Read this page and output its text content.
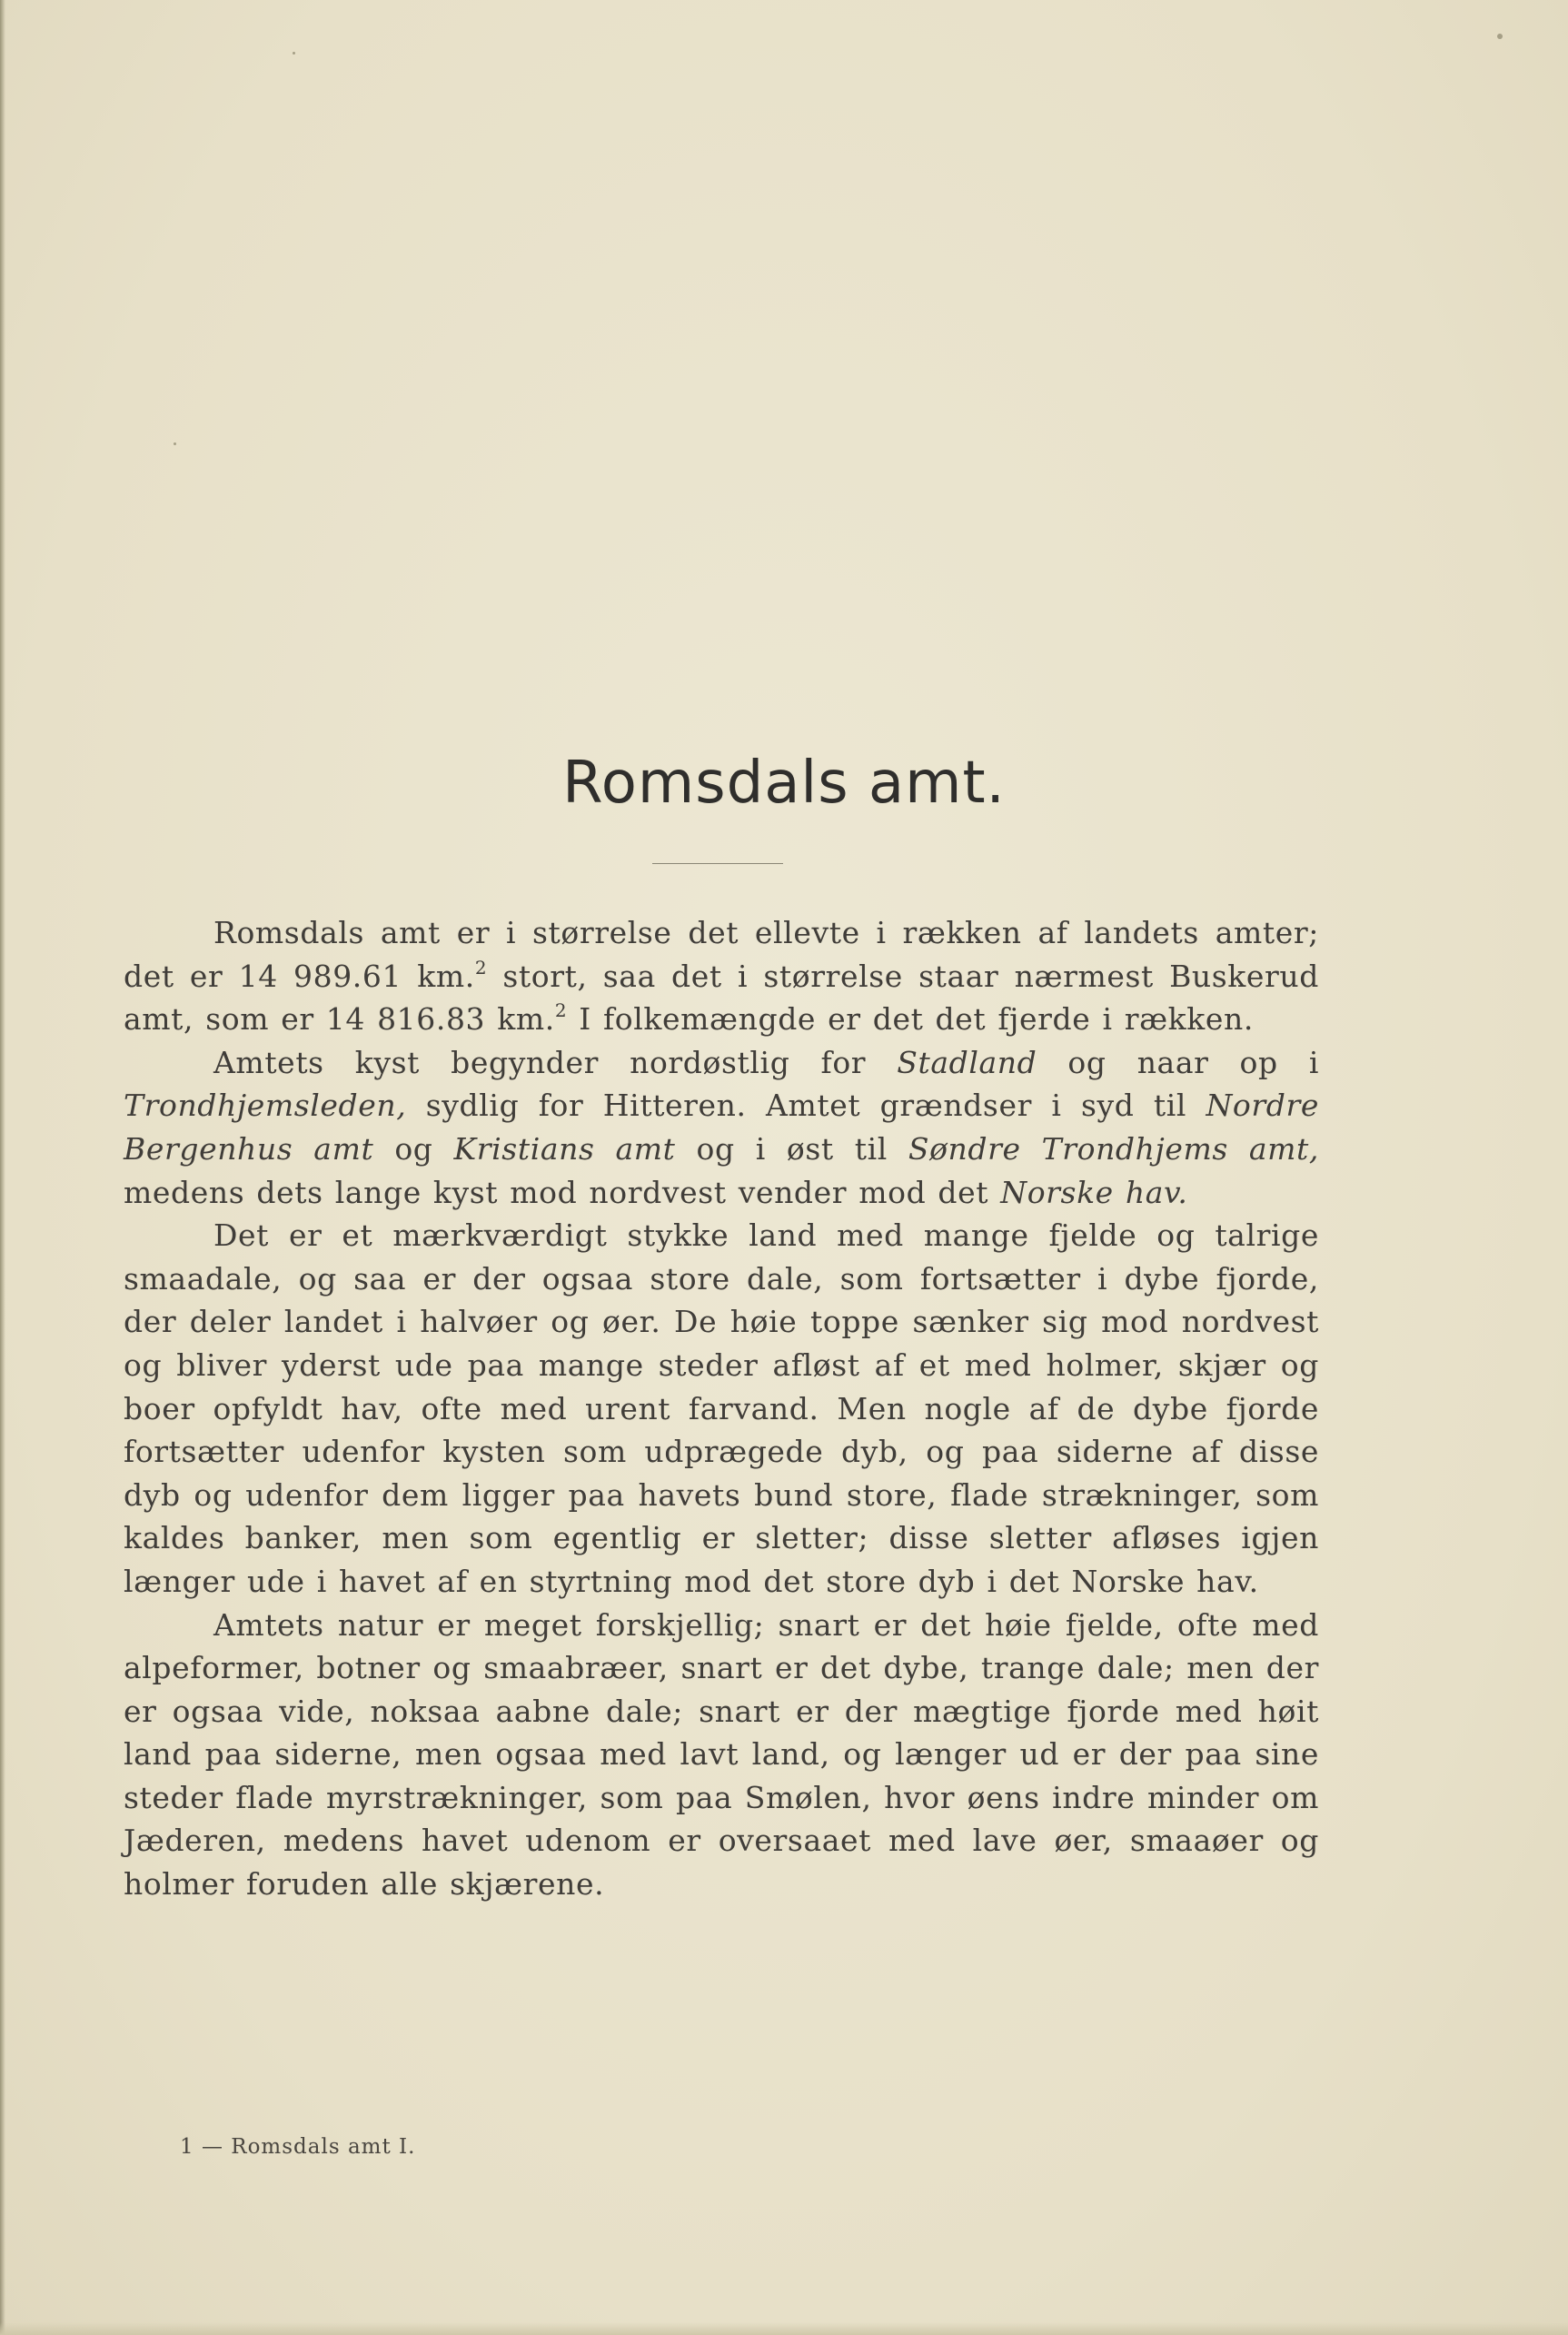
Romsdals amt.

Romsdals amt er i størrelse det ellevte i rækken af landets amter; det er 14 989.61 km.$^2$ stort, saa det i størrelse staar nærmest Buskerud amt, som er 14 816.83 km.$^2$ I folkemængde er det det fjerde i rækken.

Amtets kyst begynder nordøstlig for Stadland og naar op i Trondhjemsleden, sydlig for Hitteren. Amtet grændser i syd til Nordre Bergenhus amt og Kristians amt og i øst til Søndre Trondhjems amt, medens dets lange kyst mod nordvest vender mod det Norske hav.

Det er et mærkværdigt stykke land med mange fjelde og talrige smaadale, og saa er der ogsaa store dale, som fortsætter i dybe fjorde, der deler landet i halvøer og øer. De høie toppe sænker sig mod nordvest og bliver yderst ude paa mange steder afløst af et med holmer, skjær og boer opfyldt hav, ofte med urent farvand. Men nogle af de dybe fjorde fortsætter udenfor kysten som udprægede dyb, og paa siderne af disse dyb og udenfor dem ligger paa havets bund store, flade strækninger, som kaldes banker, men som egentlig er sletter; disse sletter afløses igjen længer ude i havet af en styrtning mod det store dyb i det Norske hav.

Amtets natur er meget forskjellig; snart er det høie fjelde, ofte med alpeformer, botner og smaabræer, snart er det dybe, trange dale; men der er ogsaa vide, noksaa aabne dale; snart er der mægtige fjorde med høit land paa siderne, men ogsaa med lavt land, og længer ud er der paa sine steder flade myrstrækninger, som paa Smølen, hvor øens indre minder om Jæderen, medens havet udenom er oversaaet med lave øer, smaaøer og holmer foruden alle skjærene.

1 — Romsdals amt I.
